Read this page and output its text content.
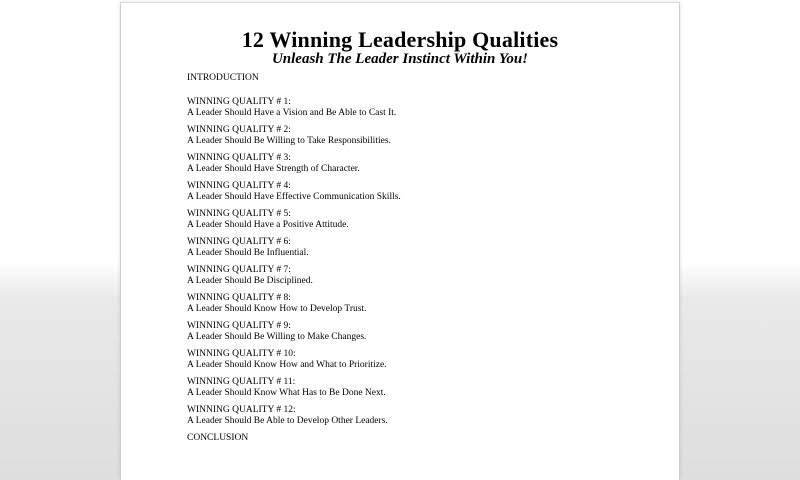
12 Winning Leadership Qualities
Unleash The Leader Instinct Within You!
INTRODUCTION
WINNING QUALITY # 1:
A Leader Should Have a Vision and Be Able to Cast It.
WINNING QUALITY # 2:
A Leader Should Be Willing to Take Responsibilities.
WINNING QUALITY # 3:
A Leader Should Have Strength of Character.
WINNING QUALITY # 4:
A Leader Should Have Effective Communication Skills.
WINNING QUALITY # 5:
A Leader Should Have a Positive Attitude.
WINNING QUALITY # 6:
A Leader Should Be Influential.
WINNING QUALITY # 7:
A Leader Should Be Disciplined.
WINNING QUALITY # 8:
A Leader Should Know How to Develop Trust.
WINNING QUALITY # 9:
A Leader Should Be Willing to Make Changes.
WINNING QUALITY # 10:
A Leader Should Know How and What to Prioritize.
WINNING QUALITY # 11:
A Leader Should Know What Has to Be Done Next.
WINNING QUALITY # 12:
A Leader Should Be Able to Develop Other Leaders.
CONCLUSION
